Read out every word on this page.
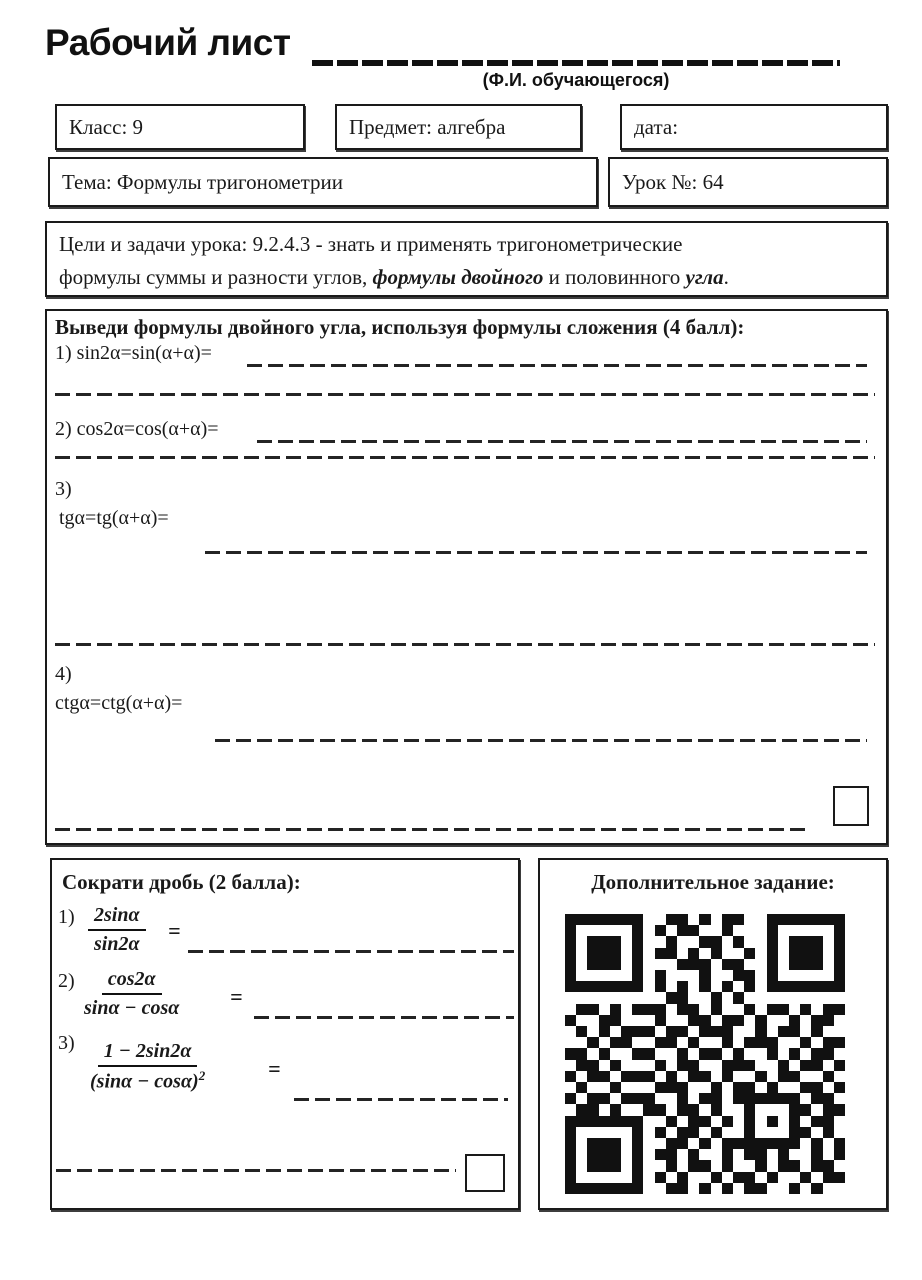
Рабочий лист
(Ф.И. обучающегося)
Класс: 9	Предмет: алгебра	дата:
Тема: Формулы тригонометрии	Урок №: 64
Цели и задачи урока: 9.2.4.3 - знать и применять тригонометрические
формулы суммы и разности углов, формулы двойного и половинного угла.
Выведи формулы двойного угла, используя формулы сложения (4 балл):
1) sin2α=sin(α+α)=
2) cos2α=cos(α+α)=
3)
tgα=tg(α+α)=
4)
ctgα=ctg(α+α)=
Сократи дробь (2 балла):
$1) \frac{2\sin\alpha}{\sin 2\alpha}$ =
$2) \frac{\cos 2\alpha}{\sin\alpha - \cos\alpha}$ =
$3) \frac{1 - 2\sin 2\alpha}{(\sin\alpha - \cos\alpha)^2}$	=
Дополнительное задание:
